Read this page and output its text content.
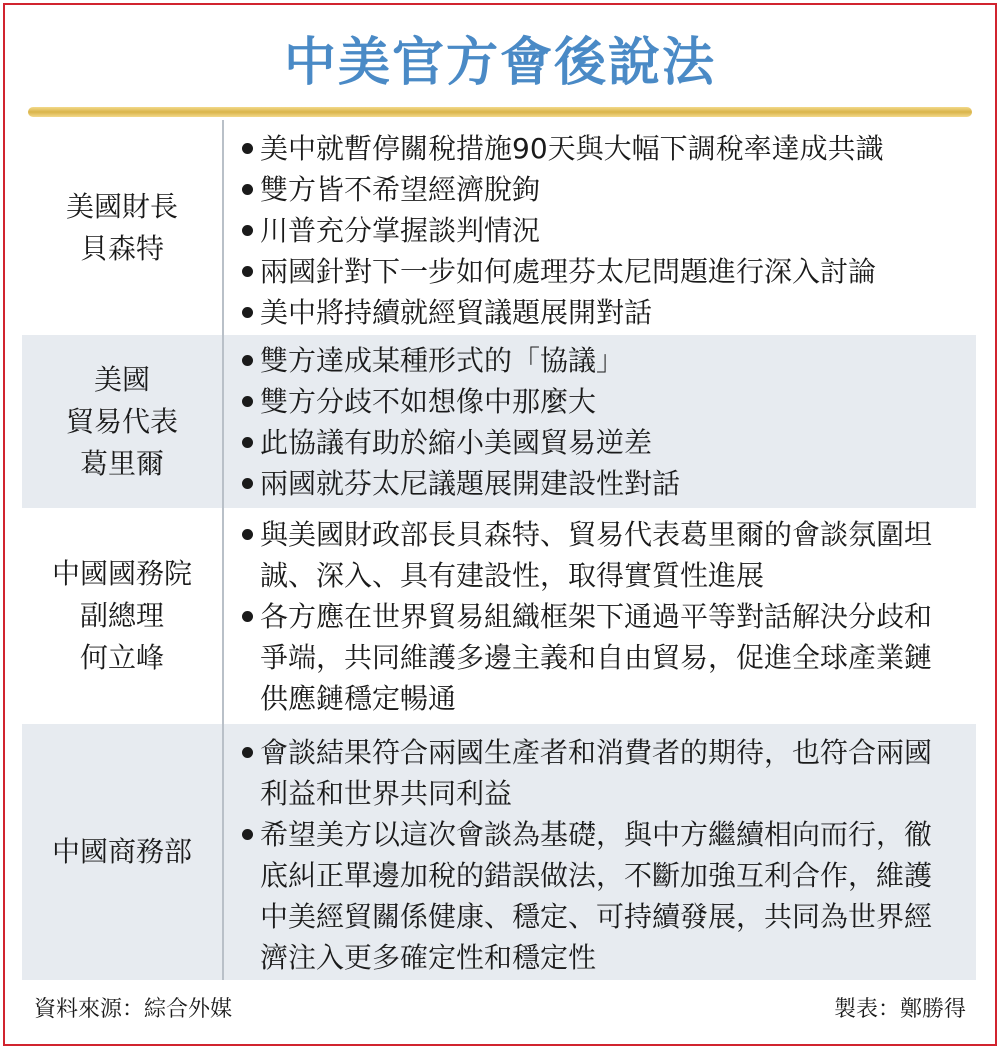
中美官方會後說法
美國財長
貝森特
美中就暫停關稅措施90天與大幅下調稅率達成共識
雙方皆不希望經濟脫鉤
川普充分掌握談判情況
兩國針對下一步如何處理芬太尼問題進行深入討論
美中將持續就經貿議題展開對話
美國
貿易代表
葛里爾
雙方達成某種形式的「協議」
雙方分歧不如想像中那麼大
此協議有助於縮小美國貿易逆差
兩國就芬太尼議題展開建設性對話
中國國務院
副總理
何立峰
與美國財政部長貝森特、貿易代表葛里爾的會談氛圍坦誠、深入、具有建設性，取得實質性進展
各方應在世界貿易組織框架下通過平等對話解決分歧和爭端，共同維護多邊主義和自由貿易，促進全球產業鏈供應鏈穩定暢通
中國商務部
會談結果符合兩國生產者和消費者的期待，也符合兩國利益和世界共同利益
希望美方以這次會談為基礎，與中方繼續相向而行，徹底糾正單邊加稅的錯誤做法，不斷加強互利合作，維護中美經貿關係健康、穩定、可持續發展，共同為世界經濟注入更多確定性和穩定性
資料來源：綜合外媒	製表：鄭勝得
